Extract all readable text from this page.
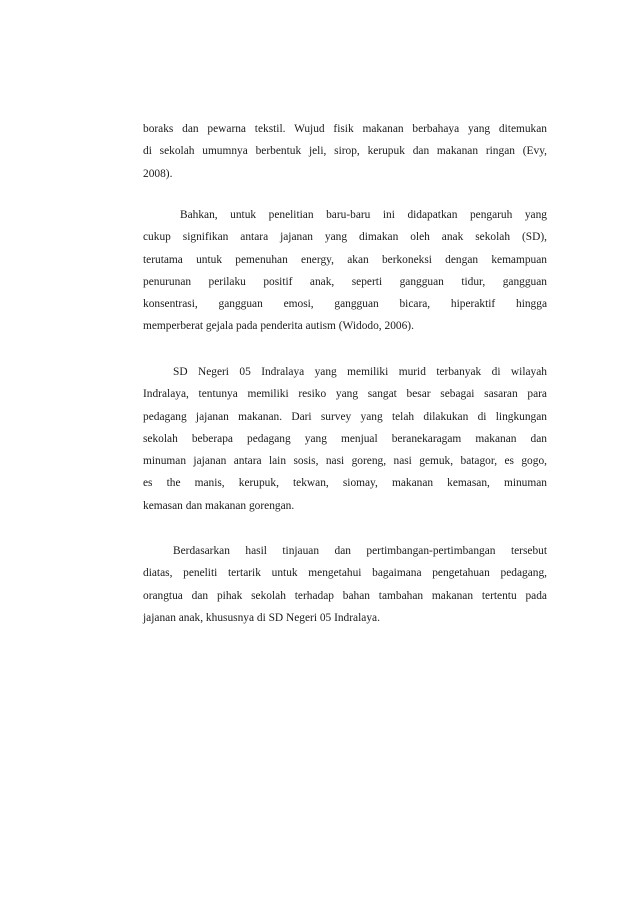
boraks dan pewarna tekstil. Wujud fisik makanan berbahaya yang ditemukan
di sekolah umumnya berbentuk jeli, sirop, kerupuk dan makanan ringan (Evy,
2008).
Bahkan, untuk penelitian baru-baru ini didapatkan pengaruh yang
cukup signifikan antara jajanan yang dimakan oleh anak sekolah (SD),
terutama untuk pemenuhan energy, akan berkoneksi dengan kemampuan
penurunan perilaku positif anak, seperti gangguan tidur, gangguan
konsentrasi, gangguan emosi, gangguan bicara, hiperaktif hingga
memperberat gejala pada penderita autism (Widodo, 2006).
SD Negeri 05 Indralaya yang memiliki murid terbanyak di wilayah
Indralaya, tentunya memiliki resiko yang sangat besar sebagai sasaran para
pedagang jajanan makanan. Dari survey yang telah dilakukan di lingkungan
sekolah beberapa pedagang yang menjual beranekaragam makanan dan
minuman jajanan antara lain sosis, nasi goreng, nasi gemuk, batagor, es gogo,
es the manis, kerupuk, tekwan, siomay, makanan kemasan, minuman
kemasan dan makanan gorengan.
Berdasarkan hasil tinjauan dan pertimbangan-pertimbangan tersebut
diatas, peneliti tertarik untuk mengetahui bagaimana pengetahuan pedagang,
orangtua dan pihak sekolah terhadap bahan tambahan makanan tertentu pada
jajanan anak, khususnya di SD Negeri 05 Indralaya.
